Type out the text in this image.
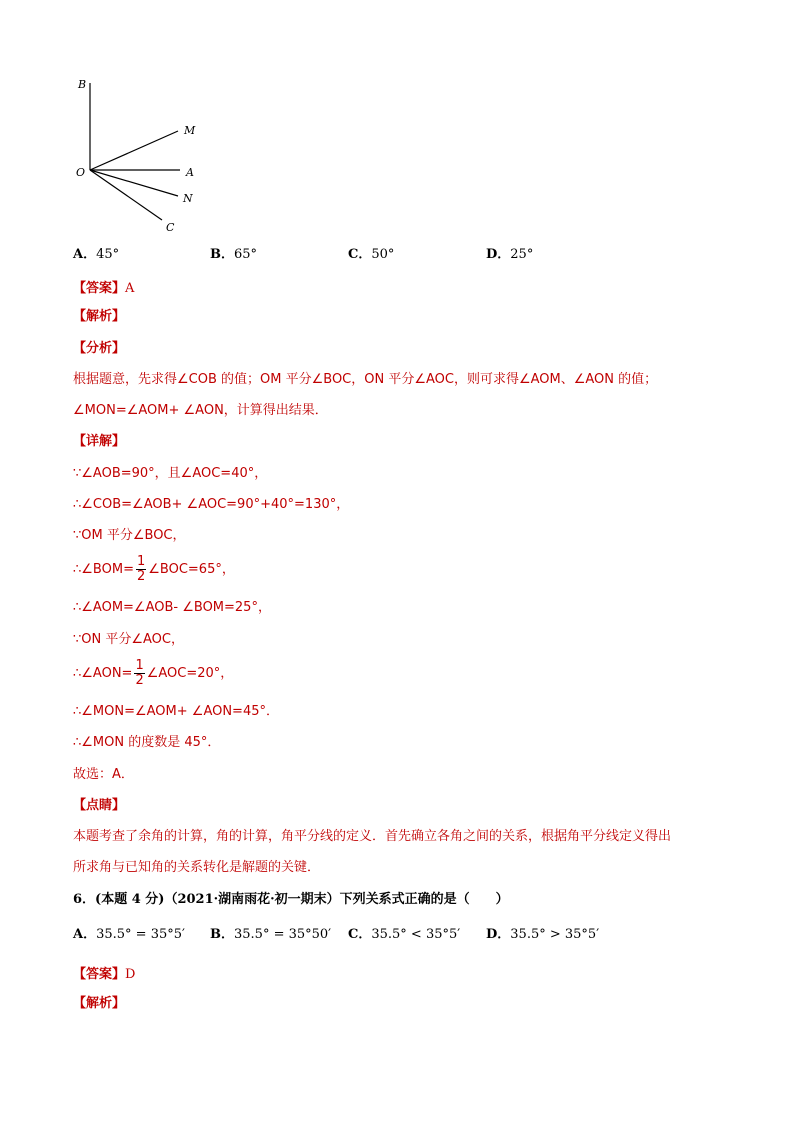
B
M
O	A
N
C
A．45°	B．65°	C．50°	D．25°
【答案】A
【解析】
【分析】
根据题意，先求得∠COB 的值；OM 平分∠BOC，ON 平分∠AOC，则可求得∠AOM、∠AON 的值；
∠MON=∠AOM+ ∠AON，计算得出结果．
【详解】
∵∠AOB=90°，且∠AOC=40°，
∴∠COB=∠AOB+ ∠AOC=90°+40°=130°，
∵OM 平分∠BOC，
∴∠BOM= $\frac{1}{2}$ ∠BOC=65°，
∴∠AOM=∠AOB- ∠BOM=25°，
∵ON 平分∠AOC，
∴∠AON= $\frac{1}{2}$ ∠AOC=20°，
∴∠MON=∠AOM+ ∠AON=45°．
∴∠MON 的度数是 45°．
故选：A．
【点睛】
本题考查了余角的计算，角的计算，角平分线的定义．首先确立各角之间的关系，根据角平分线定义得出
所求角与已知角的关系转化是解题的关键．
6．(本题 4 分)（2021·湖南雨花·初一期末）下列关系式正确的是（　　）
A．35.5° = 35°5′ B．35.5° = 35°50′ C．35.5° < 35°5′ D．35.5° > 35°5′
【答案】D
【解析】
